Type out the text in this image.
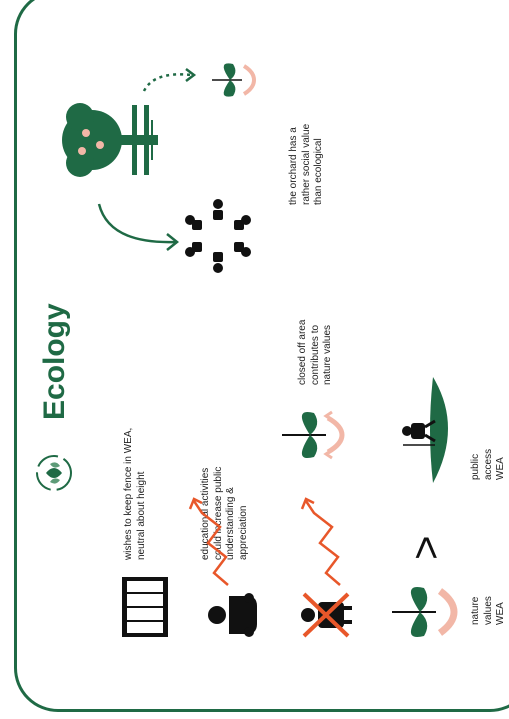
Ecology
wishes to keep fence in WEA, neutral about height	educational activities could increase public understanding & appreciation
closed off area contributes to nature values
>
nature values WEA
public access WEA
the orchard has a rather social value than ecological
